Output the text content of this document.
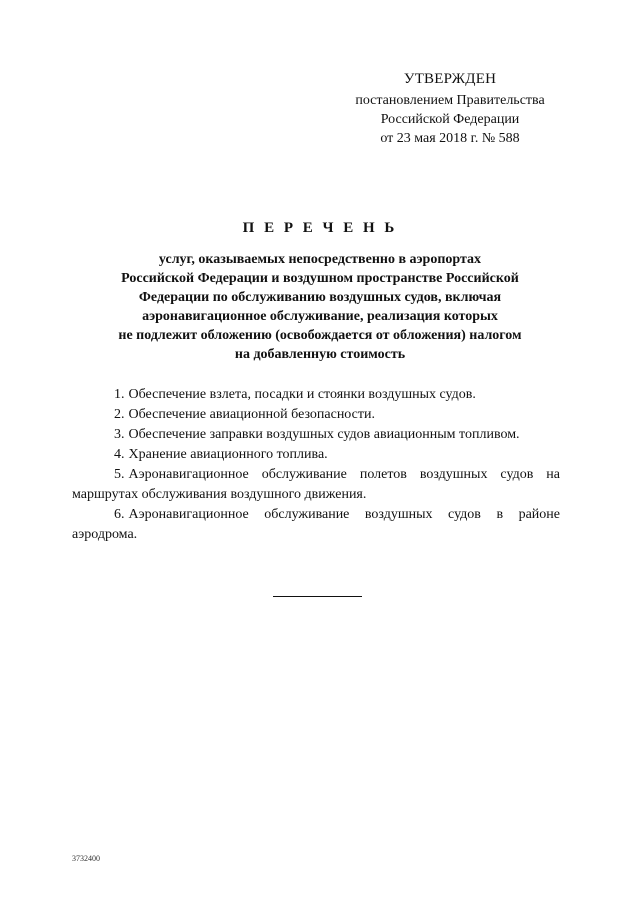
УТВЕРЖДЕН
постановлением Правительства
Российской Федерации
от 23 мая 2018 г. № 588
П Е Р Е Ч Е Н Ь
услуг, оказываемых непосредственно в аэропортах
Российской Федерации и воздушном пространстве Российской
Федерации по обслуживанию воздушных судов, включая
аэронавигационное обслуживание, реализация которых
не подлежит обложению (освобождается от обложения) налогом
на добавленную стоимость

1. Обеспечение взлета, посадки и стоянки воздушных судов.

2. Обеспечение авиационной безопасности.

3. Обеспечение заправки воздушных судов авиационным топливом.

4. Хранение авиационного топлива.

5. Аэронавигационное обслуживание полетов воздушных судов на маршрутах обслуживания воздушного движения.

6. Аэронавигационное обслуживание воздушных судов в районе аэродрома.

3732400
